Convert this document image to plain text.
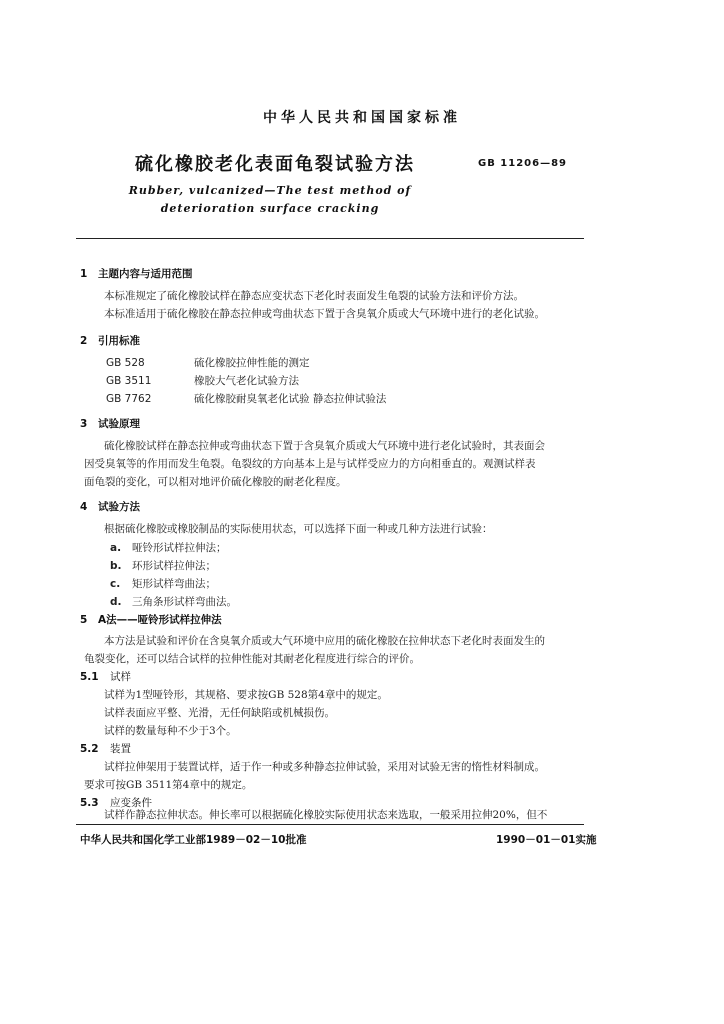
中华人民共和国国家标准
硫化橡胶老化表面龟裂试验方法	GB 11206—89
Rubber, vulcanized—The test method of
deterioration surface cracking
1 主题内容与适用范围
本标准规定了硫化橡胶试样在静态应变状态下老化时表面发生龟裂的试验方法和评价方法。
本标准适用于硫化橡胶在静态拉伸或弯曲状态下置于含臭氧介质或大气环境中进行的老化试验。
2 引用标准
GB 528	硫化橡胶拉伸性能的测定
GB 3511	橡胶大气老化试验方法
GB 7762	硫化橡胶耐臭氧老化试验 静态拉伸试验法
3 试验原理
硫化橡胶试样在静态拉伸或弯曲状态下置于含臭氧介质或大气环境中进行老化试验时，其表面会
因受臭氧等的作用而发生龟裂。龟裂纹的方向基本上是与试样受应力的方向相垂直的。观测试样表
面龟裂的变化，可以相对地评价硫化橡胶的耐老化程度。
4 试验方法
根据硫化橡胶或橡胶制品的实际使用状态，可以选择下面一种或几种方法进行试验：
a. 哑铃形试样拉伸法；
b. 环形试样拉伸法；
c. 矩形试样弯曲法；
d. 三角条形试样弯曲法。
5 A法——哑铃形试样拉伸法
本方法是试验和评价在含臭氧介质或大气环境中应用的硫化橡胶在拉伸状态下老化时表面发生的
龟裂变化，还可以结合试样的拉伸性能对其耐老化程度进行综合的评价。
5.1 试样
试样为1型哑铃形，其规格、要求按GB 528第4章中的规定。
试样表面应平整、光滑，无任何缺陷或机械损伤。
试样的数量每种不少于3个。
5.2 装置
试样拉伸架用于装置试样，适于作一种或多种静态拉伸试验，采用对试验无害的惰性材料制成。
要求可按GB 3511第4章中的规定。
5.3 应变条件
试样作静态拉伸状态。伸长率可以根据硫化橡胶实际使用状态来选取，一般采用拉伸20%，但不
中华人民共和国化学工业部1989－02－10批准	1990－01－01实施
